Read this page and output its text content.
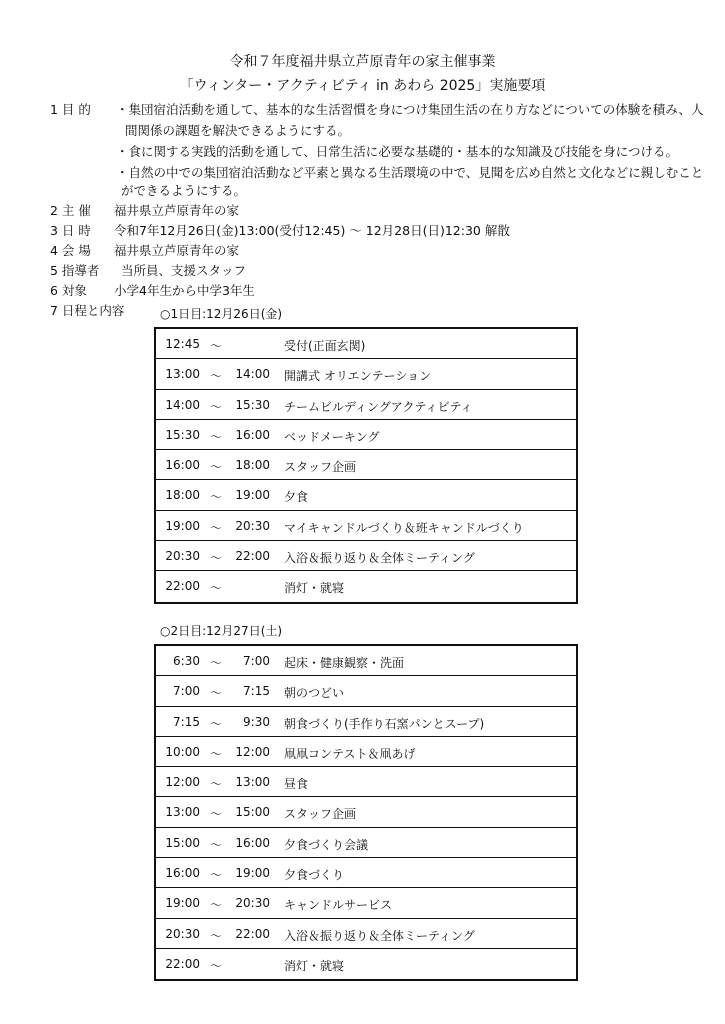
令和７年度福井県立芦原青年の家主催事業
「ウィンター・アクティビティ in あわら 2025」実施要項
1 目 的	・集団宿泊活動を通して、基本的な生活習慣を身につけ集団生活の在り方などについての体験を積み、人
間関係の課題を解決できるようにする。
・食に関する実践的活動を通して、日常生活に必要な基礎的・基本的な知識及び技能を身につける。
・自然の中での集団宿泊活動など平素と異なる生活環境の中で、見聞を広め自然と文化などに親しむこと
ができるようにする。
2 主 催 福井県立芦原青年の家
3 日 時 令和7年12月26日(金)13:00(受付12:45) ～ 12月28日(日)12:30 解散
4 会 場 福井県立芦原青年の家
5 指導者 当所員、支援スタッフ
6 対象 小学4年生から中学3年生
7 日程と内容	○1日目:12月26日(金)
12:45 ～	受付(正面玄関)
13:00 ～ 14:00 開講式 オリエンテーション
14:00 ～ 15:30 チームビルディングアクティビティ
15:30 ～ 16:00 ベッドメーキング
16:00 ～ 18:00 スタッフ企画
18:00 ～ 19:00 夕食
19:00 ～ 20:30 マイキャンドルづくり＆班キャンドルづくり
20:30 ～ 22:00 入浴＆振り返り＆全体ミーティング
22:00 ～	消灯・就寝
○2日目:12月27日(土)
6:30 ～ 7:00 起床・健康観察・洗面
7:00 ～ 7:15 朝のつどい
7:15 ～ 9:30 朝食づくり(手作り石窯パンとスープ)
10:00 ～ 12:00 凧凧コンテスト＆凧あげ
12:00 ～ 13:00 昼食
13:00 ～ 15:00 スタッフ企画
15:00 ～ 16:00 夕食づくり会議
16:00 ～ 19:00 夕食づくり
19:00 ～ 20:30 キャンドルサービス
20:30 ～ 22:00 入浴＆振り返り＆全体ミーティング
22:00 ～	消灯・就寝
